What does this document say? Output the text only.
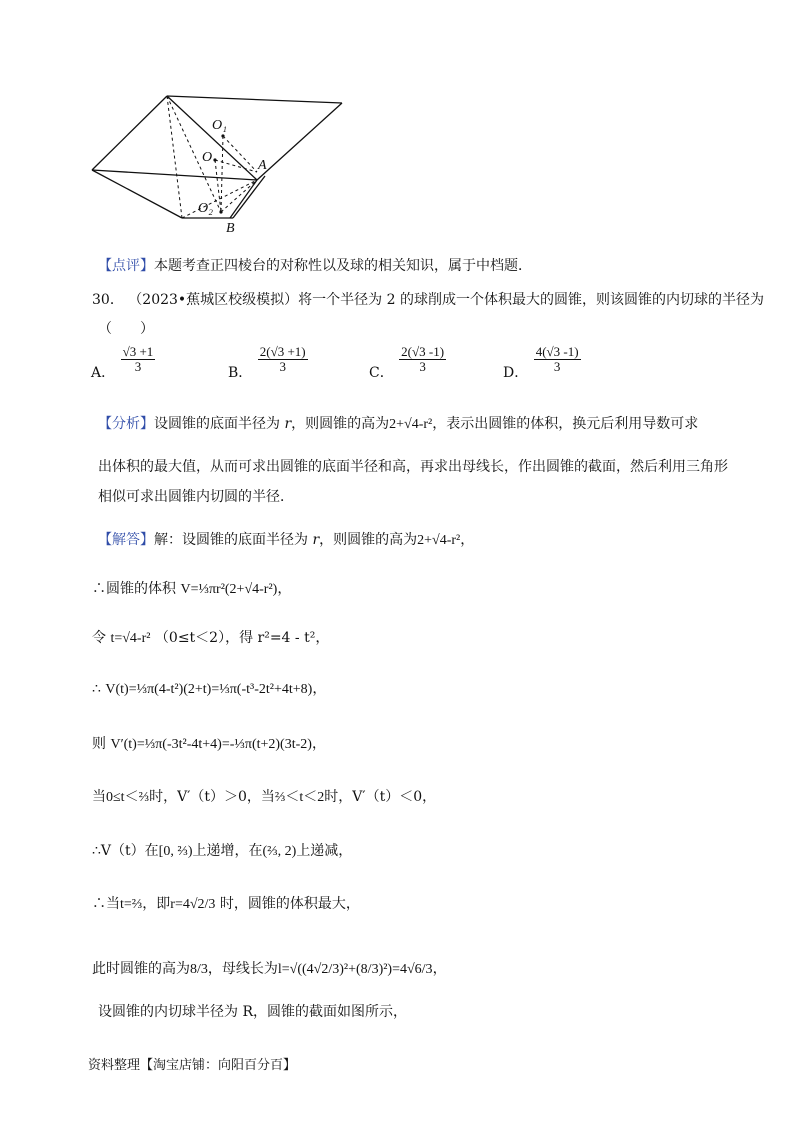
O₁
O
A
O₂
B
【点评】本题考查正四棱台的对称性以及球的相关知识，属于中档题．
30． （2023•蕉城区校级模拟）将一个半径为 2 的球削成一个体积最大的圆锥，则该圆锥的内切球的半径为
（　　）
A． $\frac{√3 +1}{3}$	B． $\frac{2(√3 +1)}{3}$	C． $\frac{2(√3 -1)}{3}$	D． $\frac{4(√3 -1)}{3}$
【分析】设圆锥的底面半径为 r，则圆锥的高为2+√4-r²，表示出圆锥的体积，换元后利用导数可求
出体积的最大值，从而可求出圆锥的底面半径和高，再求出母线长，作出圆锥的截面，然后利用三角形
相似可求出圆锥内切圆的半径．
【解答】解：设圆锥的底面半径为 r，则圆锥的高为2+√4-r²，
∴圆锥的体积 V=⅓πr²(2+√4-r²)，
令 t=√4-r² （0≤t＜2），得 r²=4 - t²，
∴ V(t)=⅓π(4-t²)(2+t)=⅓π(-t³-2t²+4t+8)，
则 V′(t)=⅓π(-3t²-4t+4)=-⅓π(t+2)(3t-2)，
当0≤t＜⅔时，V′（t）＞0，当⅔＜t＜2时，V′（t）＜0，
∴V（t）在[0, ⅔)上递增，在(⅔, 2)上递减，
∴当t=⅔，即r=4√2/3 时，圆锥的体积最大，
此时圆锥的高为8/3，母线长为l=√((4√2/3)²+(8/3)²)=4√6/3，
设圆锥的内切球半径为 R，圆锥的截面如图所示，
资料整理【淘宝店铺：向阳百分百】
